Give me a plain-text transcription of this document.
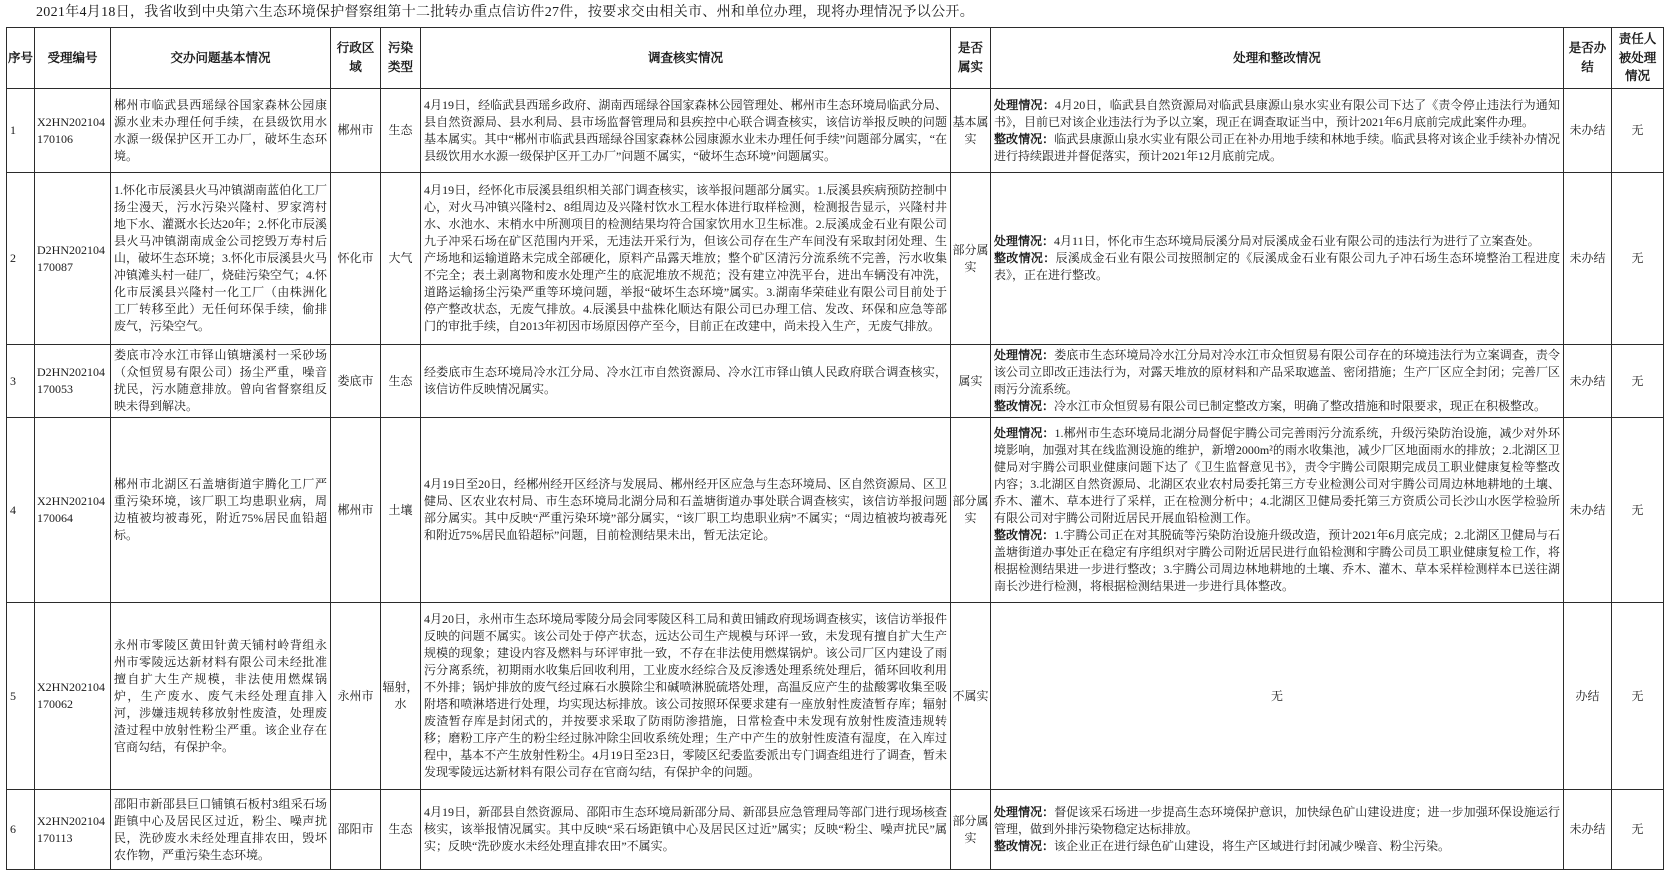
2021年4月18日，我省收到中央第六生态环境保护督察组第十二批转办重点信访件27件，按要求交由相关市、州和单位办理，现将办理情况予以公开。

序号	受理编号	交办问题基本情况	行政区域	污染类型	调查核实情况	是否属实	处理和整改情况	是否办结	责任人被处理情况
1	X2HN202104170106	郴州市临武县西瑶绿谷国家森林公园康源水业未办理任何手续，在县级饮用水水源一级保护区开工办厂，破坏生态环境。	郴州市	生态	4月19日，经临武县西瑶乡政府、湖南西瑶绿谷国家森林公园管理处、郴州市生态环境局临武分局、县自然资源局、县水利局、县市场监督管理局和县疾控中心联合调查核实，该信访举报反映的问题基本属实。其中“郴州市临武县西瑶绿谷国家森林公园康源水业未办理任何手续”问题部分属实，“在县级饮用水水源一级保护区开工办厂”问题不属实，“破坏生态环境”问题属实。	基本属实	处理情况：4月20日，临武县自然资源局对临武县康源山泉水实业有限公司下达了《责令停止违法行为通知书》，目前已对该企业违法行为予以立案，现正在调查取证当中，预计2021年6月底前完成此案件办理。
整改情况：临武县康源山泉水实业有限公司正在补办用地手续和林地手续。临武县将对该企业手续补办情况进行持续跟进并督促落实，预计2021年12月底前完成。	未办结	无
2	D2HN202104170087	1.怀化市辰溪县火马冲镇湖南蓝伯化工厂扬尘漫天，污水污染兴隆村、罗家湾村地下水、灌溉水长达20年；2.怀化市辰溪县火马冲镇湖南成金公司挖毁万寿村后山，破坏生态环境；3.怀化市辰溪县火马冲镇滩头村一硅厂，烧硅污染空气；4.怀化市辰溪县兴隆村一化工厂（由株洲化工厂转移至此）无任何环保手续，偷排废气，污染空气。	怀化市	大气	4月19日，经怀化市辰溪县组织相关部门调查核实，该举报问题部分属实。1.辰溪县疾病预防控制中心，对火马冲镇兴隆村2、8组周边及兴隆村饮水工程水体进行取样检测，检测报告显示，兴隆村井水、水池水、末梢水中所测项目的检测结果均符合国家饮用水卫生标准。2.辰溪成金石业有限公司九子冲采石场在矿区范围内开采，无违法开采行为，但该公司存在生产车间没有采取封闭处理、生产场地和运输道路未完成全部硬化，原料产品露天堆放；整个矿区清污分流系统不完善，污水收集不完全；表土剥离物和废水处理产生的底泥堆放不规范；没有建立冲洗平台，进出车辆没有冲洗，道路运输扬尘污染严重等环境问题，举报“破坏生态环境”属实。3.湖南华荣硅业有限公司目前处于停产整改状态，无废气排放。4.辰溪县中盐株化顺达有限公司已办理工信、发改、环保和应急等部门的审批手续，自2013年初因市场原因停产至今，目前正在改建中，尚未投入生产，无废气排放。	部分属实	处理情况：4月11日，怀化市生态环境局辰溪分局对辰溪成金石业有限公司的违法行为进行了立案查处。
整改情况：辰溪成金石业有限公司按照制定的《辰溪成金石业有限公司九子冲石场生态环境整治工程进度表》，正在进行整改。	未办结	无
3	D2HN202104170053	娄底市冷水江市铎山镇塘溪村一采砂场（众恒贸易有限公司）扬尘严重，噪音扰民，污水随意排放。曾向省督察组反映未得到解决。	娄底市	生态	经娄底市生态环境局冷水江分局、冷水江市自然资源局、冷水江市铎山镇人民政府联合调查核实，该信访件反映情况属实。	属实	处理情况：娄底市生态环境局冷水江分局对冷水江市众恒贸易有限公司存在的环境违法行为立案调查，责令该公司立即改正违法行为，对露天堆放的原材料和产品采取遮盖、密闭措施；生产厂区应全封闭；完善厂区雨污分流系统。
整改情况：冷水江市众恒贸易有限公司已制定整改方案，明确了整改措施和时限要求，现正在积极整改。	未办结	无
4	X2HN202104170064	郴州市北湖区石盖塘街道宇腾化工厂严重污染环境，该厂职工均患职业病，周边植被均被毒死，附近75%居民血铅超标。	郴州市	土壤	4月19日至20日，经郴州经开区经济与发展局、郴州经开区应急与生态环境局、区自然资源局、区卫健局、区农业农村局、市生态环境局北湖分局和石盖塘街道办事处联合调查核实，该信访举报问题部分属实。其中反映“严重污染环境”部分属实，“该厂职工均患职业病”不属实；“周边植被均被毒死和附近75%居民血铅超标”问题，目前检测结果未出，暂无法定论。	部分属实	处理情况：1.郴州市生态环境局北湖分局督促宇腾公司完善雨污分流系统，升级污染防治设施，减少对外环境影响，加强对其在线监测设施的维护，新增2000m²的雨水收集池，减少厂区地面雨水的排放；2.北湖区卫健局对宇腾公司职业健康问题下达了《卫生监督意见书》，责令宇腾公司限期完成员工职业健康复检等整改内容；3.北湖区自然资源局、北湖区农业农村局委托第三方专业检测公司对宇腾公司周边林地耕地的土壤、乔木、灌木、草本进行了采样，正在检测分析中；4.北湖区卫健局委托第三方资质公司长沙山水医学检验所有限公司对宇腾公司附近居民开展血铅检测工作。
整改情况：1.宇腾公司正在对其脱硫等污染防治设施升级改造，预计2021年6月底完成；2.北湖区卫健局与石盖塘街道办事处正在稳定有序组织对宇腾公司附近居民进行血铅检测和宇腾公司员工职业健康复检工作，将根据检测结果进一步进行整改；3.宇腾公司周边林地耕地的土壤、乔木、灌木、草本采样检测样本已送往湖南长沙进行检测，将根据检测结果进一步进行具体整改。	未办结	无
5	X2HN202104170062	永州市零陵区黄田针黄天铺村岭背组永州市零陵远达新材料有限公司未经批准擅自扩大生产规模，非法使用燃煤锅炉，生产废水、废气未经处理直排入河，涉嫌违规转移放射性废渣，处理废渣过程中放射性粉尘严重。该企业存在官商勾结，有保护伞。	永州市	辐射，水	4月20日，永州市生态环境局零陵分局会同零陵区科工局和黄田铺政府现场调查核实，该信访举报件反映的问题不属实。该公司处于停产状态，远达公司生产规模与环评一致，未发现有擅自扩大生产规模的现象；建设内容及燃料与环评审批一致，不存在非法使用燃煤锅炉。该公司厂区内建设了雨污分离系统，初期雨水收集后回收利用，工业废水经综合及反渗透处理系统处理后，循环回收利用不外排；锅炉排放的废气经过麻石水膜除尘和碱喷淋脱硫塔处理，高温反应产生的盐酸雾收集至吸附塔和喷淋塔进行处理，均实现达标排放。该公司按照环保要求建有一座放射性废渣暂存库；辐射废渣暂存库是封闭式的，并按要求采取了防雨防渗措施，日常检查中未发现有放射性废渣违规转移；磨粉工序产生的粉尘经过脉冲除尘回收系统处理；生产中产生的放射性废渣有湿度，在入库过程中，基本不产生放射性粉尘。4月19日至23日，零陵区纪委监委派出专门调查组进行了调查，暂未发现零陵远达新材料有限公司存在官商勾结，有保护伞的问题。	不属实	无	办结	无
6	X2HN202104170113	邵阳市新邵县巨口铺镇石板村3组采石场距镇中心及居民区过近，粉尘、噪声扰民，洗砂废水未经处理直排农田，毁坏农作物，严重污染生态环境。	邵阳市	生态	4月19日，新邵县自然资源局、邵阳市生态环境局新邵分局、新邵县应急管理局等部门进行现场核查核实，该举报情况属实。其中反映“采石场距镇中心及居民区过近”属实；反映“粉尘、噪声扰民”属实；反映“洗砂废水未经处理直排农田”不属实。	部分属实	处理情况：督促该采石场进一步提高生态环境保护意识，加快绿色矿山建设进度；进一步加强环保设施运行管理，做到外排污染物稳定达标排放。
整改情况：该企业正在进行绿色矿山建设，将生产区域进行封闭减少噪音、粉尘污染。	未办结	无
